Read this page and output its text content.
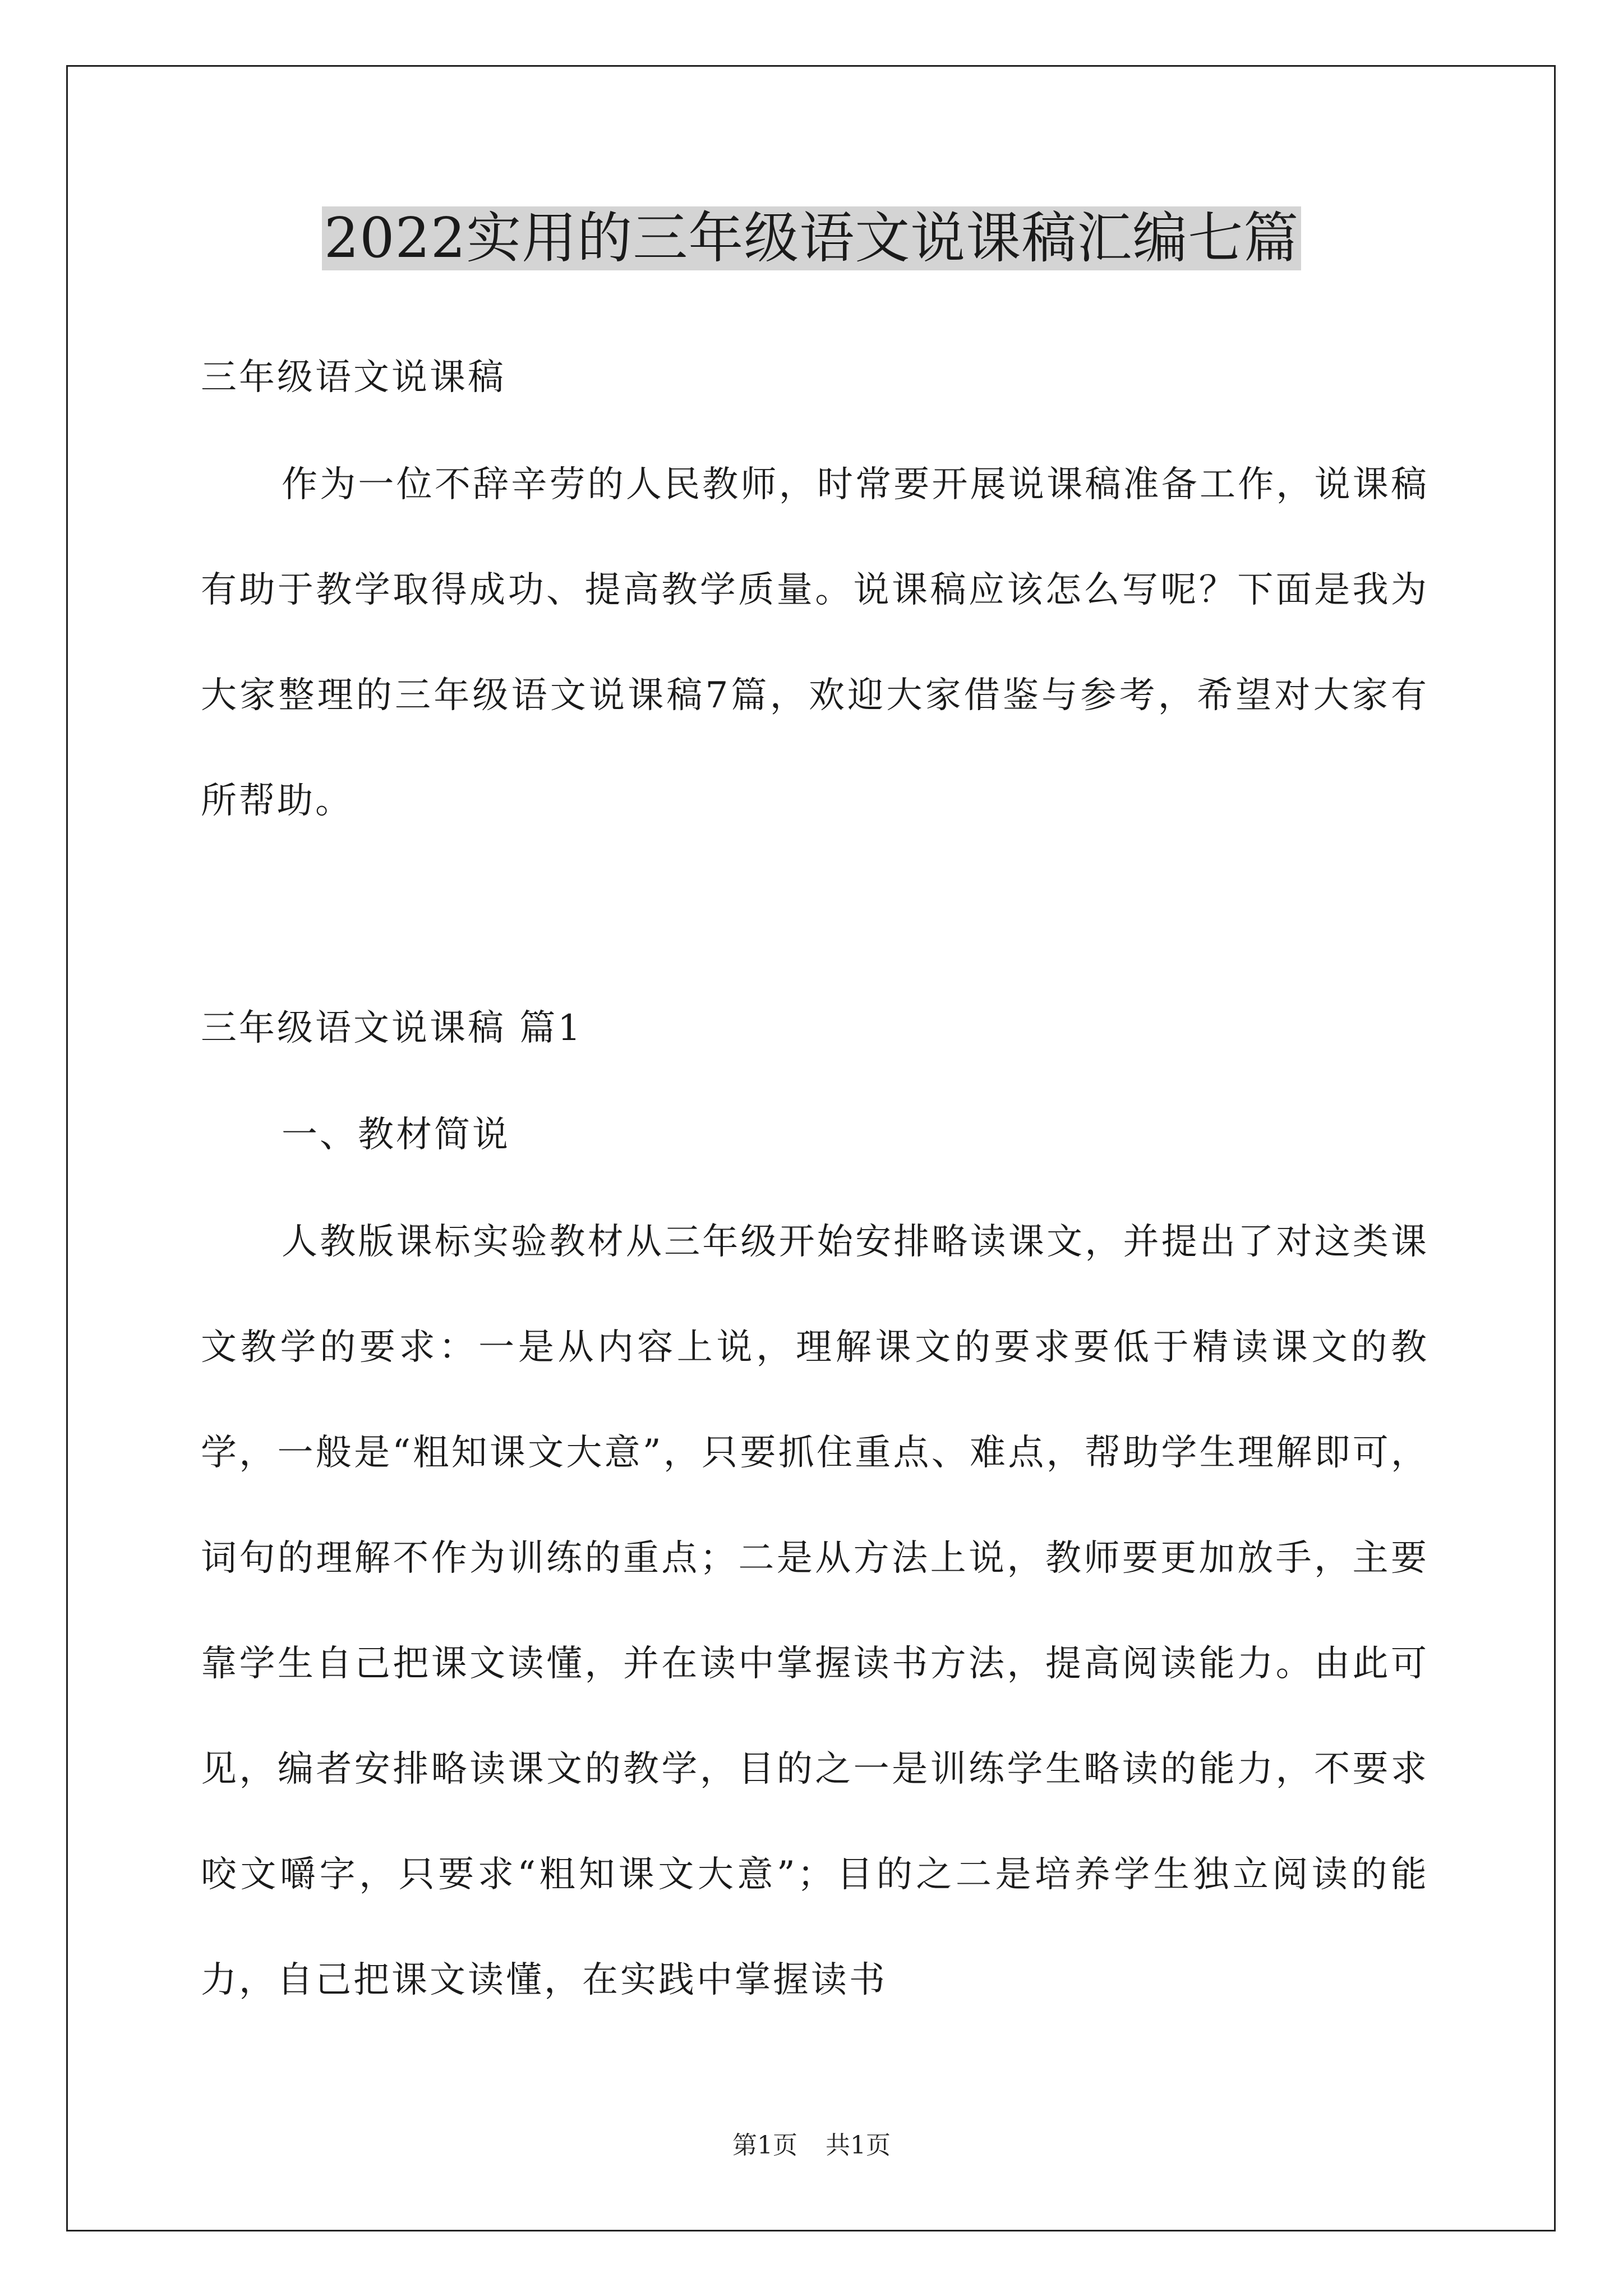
2022实用的三年级语文说课稿汇编七篇

三年级语文说课稿

作为一位不辞辛劳的人民教师，时常要开展说课稿准备工作，说课稿有助于教学取得成功、提高教学质量。说课稿应该怎么写呢？下面是我为大家整理的三年级语文说课稿7篇，欢迎大家借鉴与参考，希望对大家有所帮助。

三年级语文说课稿 篇1

一、教材简说

人教版课标实验教材从三年级开始安排略读课文，并提出了对这类课文教学的要求：一是从内容上说，理解课文的要求要低于精读课文的教学，一般是“粗知课文大意”，只要抓住重点、难点，帮助学生理解即可，词句的理解不作为训练的重点；二是从方法上说，教师要更加放手，主要靠学生自己把课文读懂，并在读中掌握读书方法，提高阅读能力。由此可见，编者安排略读课文的教学，目的之一是训练学生略读的能力，不要求咬文嚼字，只要求“粗知课文大意”；目的之二是培养学生独立阅读的能力，自己把课文读懂，在实践中掌握读书

第1页 共1页
